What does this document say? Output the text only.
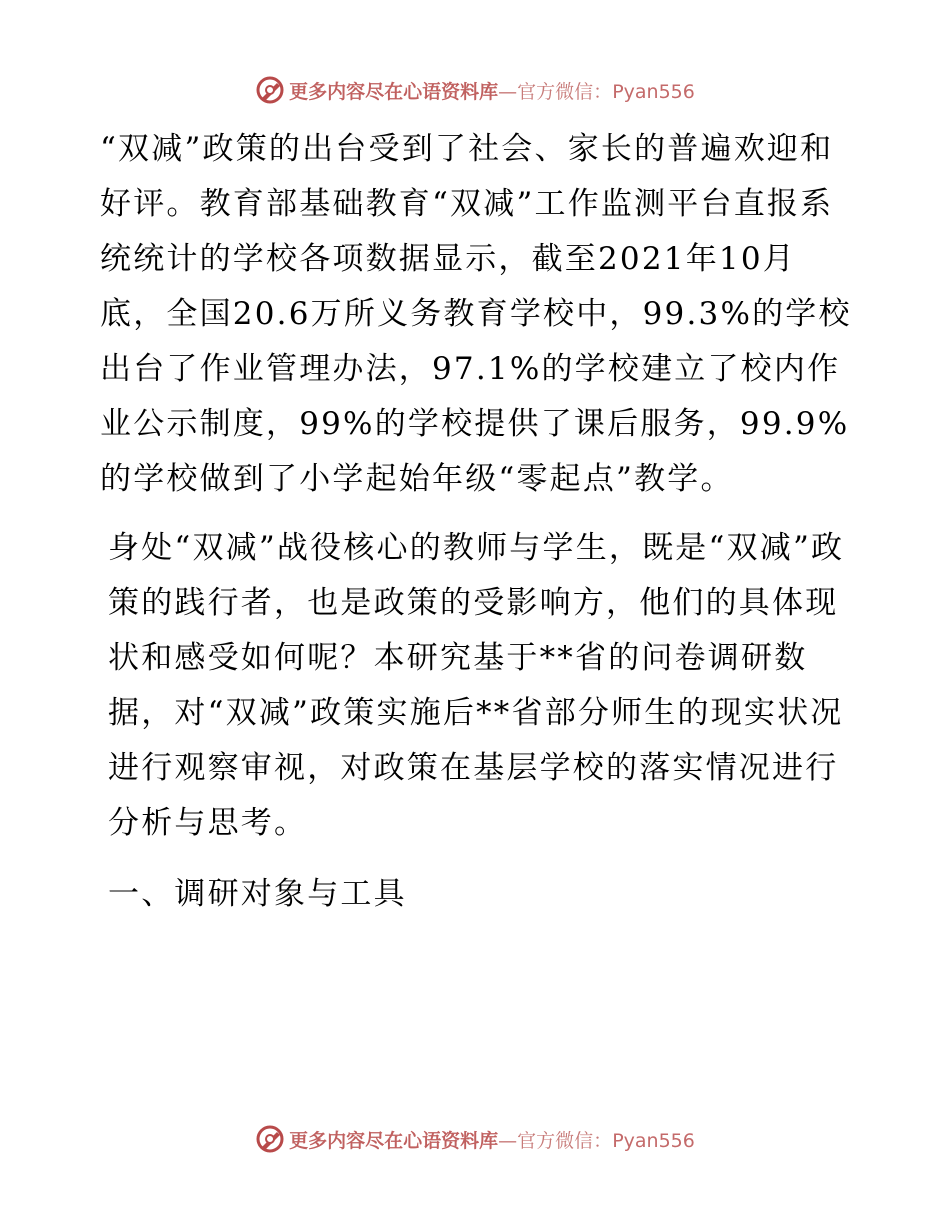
更多内容尽在心语资料库—官方微信：Pyan556

“双减”政策的出台受到了社会、家长的普遍欢迎和好评。教育部基础教育“双减”工作监测平台直报系统统计的学校各项数据显示，截至2021年10月底，全国20.6万所义务教育学校中，99.3%的学校出台了作业管理办法，97.1%的学校建立了校内作业公示制度，99%的学校提供了课后服务，99.9%的学校做到了小学起始年级“零起点”教学。

身处“双减”战役核心的教师与学生，既是“双减”政策的践行者，也是政策的受影响方，他们的具体现状和感受如何呢？本研究基于**省的问卷调研数据，对“双减”政策实施后**省部分师生的现实状况进行观察审视，对政策在基层学校的落实情况进行分析与思考。

一、调研对象与工具

更多内容尽在心语资料库—官方微信：Pyan556
